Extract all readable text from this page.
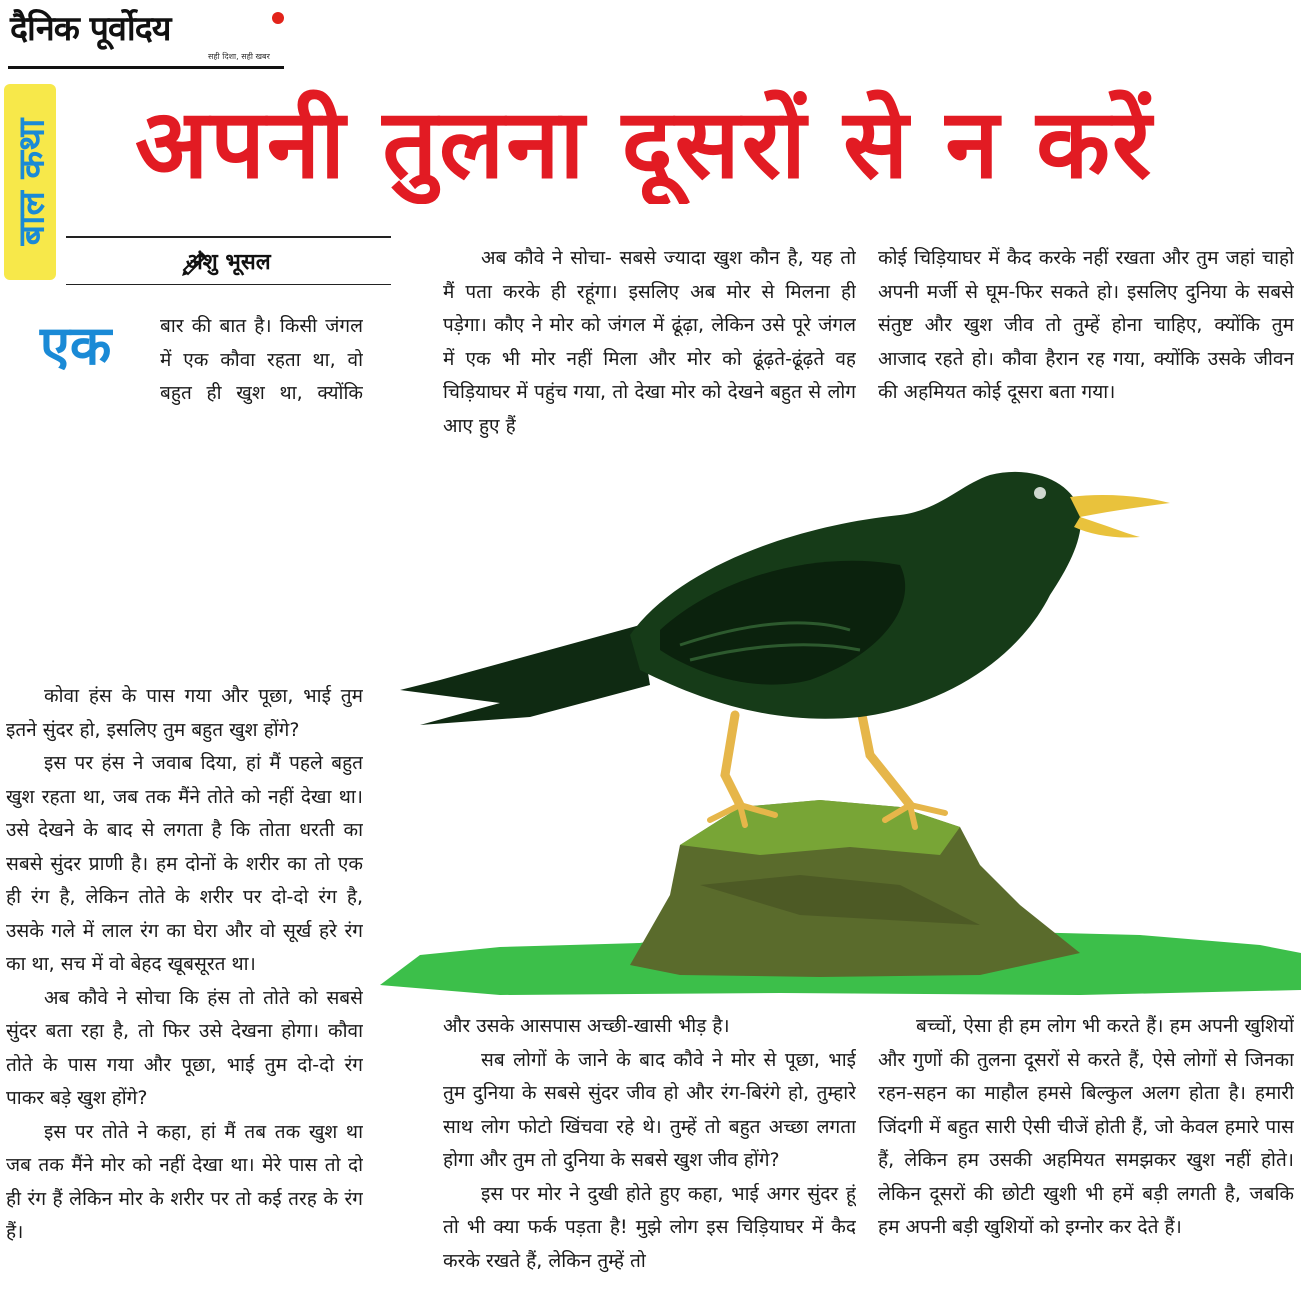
दैनिक पूर्वोदय
सही दिशा, सही खबर
बाल कथा अपनी तुलना दूसरों से न करें
अंशु भूसल
एक	बार की बात है। किसी जंगल में एक कौवा रहता था, वो बहुत ही खुश था, क्योंकि

कोवा हंस के पास गया और पूछा, भाई तुम इतने सुंदर हो, इसलिए तुम बहुत खुश होंगे?

इस पर हंस ने जवाब दिया, हां मैं पहले बहुत खुश रहता था, जब तक मैंने तोते को नहीं देखा था। उसे देखने के बाद से लगता है कि तोता धरती का सबसे सुंदर प्राणी है। हम दोनों के शरीर का तो एक ही रंग है, लेकिन तोते के शरीर पर दो-दो रंग है, उसके गले में लाल रंग का घेरा और वो सूर्ख हरे रंग का था, सच में वो बेहद खूबसूरत था।

अब कौवे ने सोचा कि हंस तो तोते को सबसे सुंदर बता रहा है, तो फिर उसे देखना होगा। कौवा तोते के पास गया और पूछा, भाई तुम दो-दो रंग पाकर बड़े खुश होंगे?

इस पर तोते ने कहा, हां मैं तब तक खुश था जब तक मैंने मोर को नहीं देखा था। मेरे पास तो दो ही रंग हैं लेकिन मोर के शरीर पर तो कई तरह के रंग हैं।

अब कौवे ने सोचा- सबसे ज्यादा खुश कौन है, यह तो मैं पता करके ही रहूंगा। इसलिए अब मोर से मिलना ही पड़ेगा। कौए ने मोर को जंगल में ढूंढ़ा, लेकिन उसे पूरे जंगल में एक भी मोर नहीं मिला और मोर को ढूंढ़ते-ढूंढ़ते वह चिड़ियाघर में पहुंच गया, तो देखा मोर को देखने बहुत से लोग आए हुए हैं

कोई चिड़ियाघर में कैद करके नहीं रखता और तुम जहां चाहो अपनी मर्जी से घूम-फिर सकते हो। इसलिए दुनिया के सबसे संतुष्ट और खुश जीव तो तुम्हें होना चाहिए, क्योंकि तुम आजाद रहते हो। कौवा हैरान रह गया, क्योंकि उसके जीवन की अहमियत कोई दूसरा बता गया।

और उसके आसपास अच्छी-खासी भीड़ है।

सब लोगों के जाने के बाद कौवे ने मोर से पूछा, भाई तुम दुनिया के सबसे सुंदर जीव हो और रंग-बिरंगे हो, तुम्हारे साथ लोग फोटो खिंचवा रहे थे। तुम्हें तो बहुत अच्छा लगता होगा और तुम तो दुनिया के सबसे खुश जीव होंगे?

इस पर मोर ने दुखी होते हुए कहा, भाई अगर सुंदर हूं तो भी क्या फर्क पड़ता है! मुझे लोग इस चिड़ियाघर में कैद करके रखते हैं, लेकिन तुम्हें तो

बच्चों, ऐसा ही हम लोग भी करते हैं। हम अपनी खुशियों और गुणों की तुलना दूसरों से करते हैं, ऐसे लोगों से जिनका रहन-सहन का माहौल हमसे बिल्कुल अलग होता है। हमारी जिंदगी में बहुत सारी ऐसी चीजें होती हैं, जो केवल हमारे पास हैं, लेकिन हम उसकी अहमियत समझकर खुश नहीं होते। लेकिन दूसरों की छोटी खुशी भी हमें बड़ी लगती है, जबकि हम अपनी बड़ी खुशियों को इग्नोर कर देते हैं।
